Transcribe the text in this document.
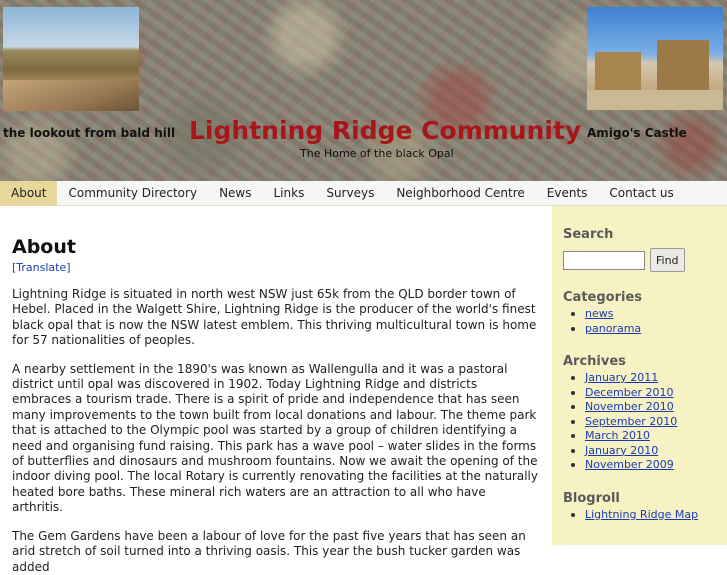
the lookout from bald hill Lightning Ridge Community Amigo's Castle
The Home of the black Opal
About	Community Directory	News	Links	Surveys	Neighborhood Centre	Events	Contact us
About
[Translate]

Lightning Ridge is situated in north west NSW just 65k from the QLD border town of Hebel. Placed in the Walgett Shire, Lightning Ridge is the producer of the world's finest black opal that is now the NSW latest emblem. This thriving multicultural town is home for 57 nationalities of peoples.

A nearby settlement in the 1890's was known as Wallengulla and it was a pastoral district until opal was discovered in 1902. Today Lightning Ridge and districts embraces a tourism trade. There is a spirit of pride and independence that has seen many improvements to the town built from local donations and labour. The theme park that is attached to the Olympic pool was started by a group of children identifying a need and organising fund raising. This park has a wave pool – water slides in the forms of butterflies and dinosaurs and mushroom fountains. Now we await the opening of the indoor diving pool. The local Rotary is currently renovating the facilities at the naturally heated bore baths. These mineral rich waters are an attraction to all who have arthritis.

The Gem Gardens have been a labour of love for the past five years that has seen an arid stretch of soil turned into a thriving oasis. This year the bush tucker garden was added

Search
Find
Categories
news
panorama
Archives
January 2011
December 2010
November 2010
September 2010
March 2010
January 2010
November 2009
Blogroll
Lightning Ridge Map
